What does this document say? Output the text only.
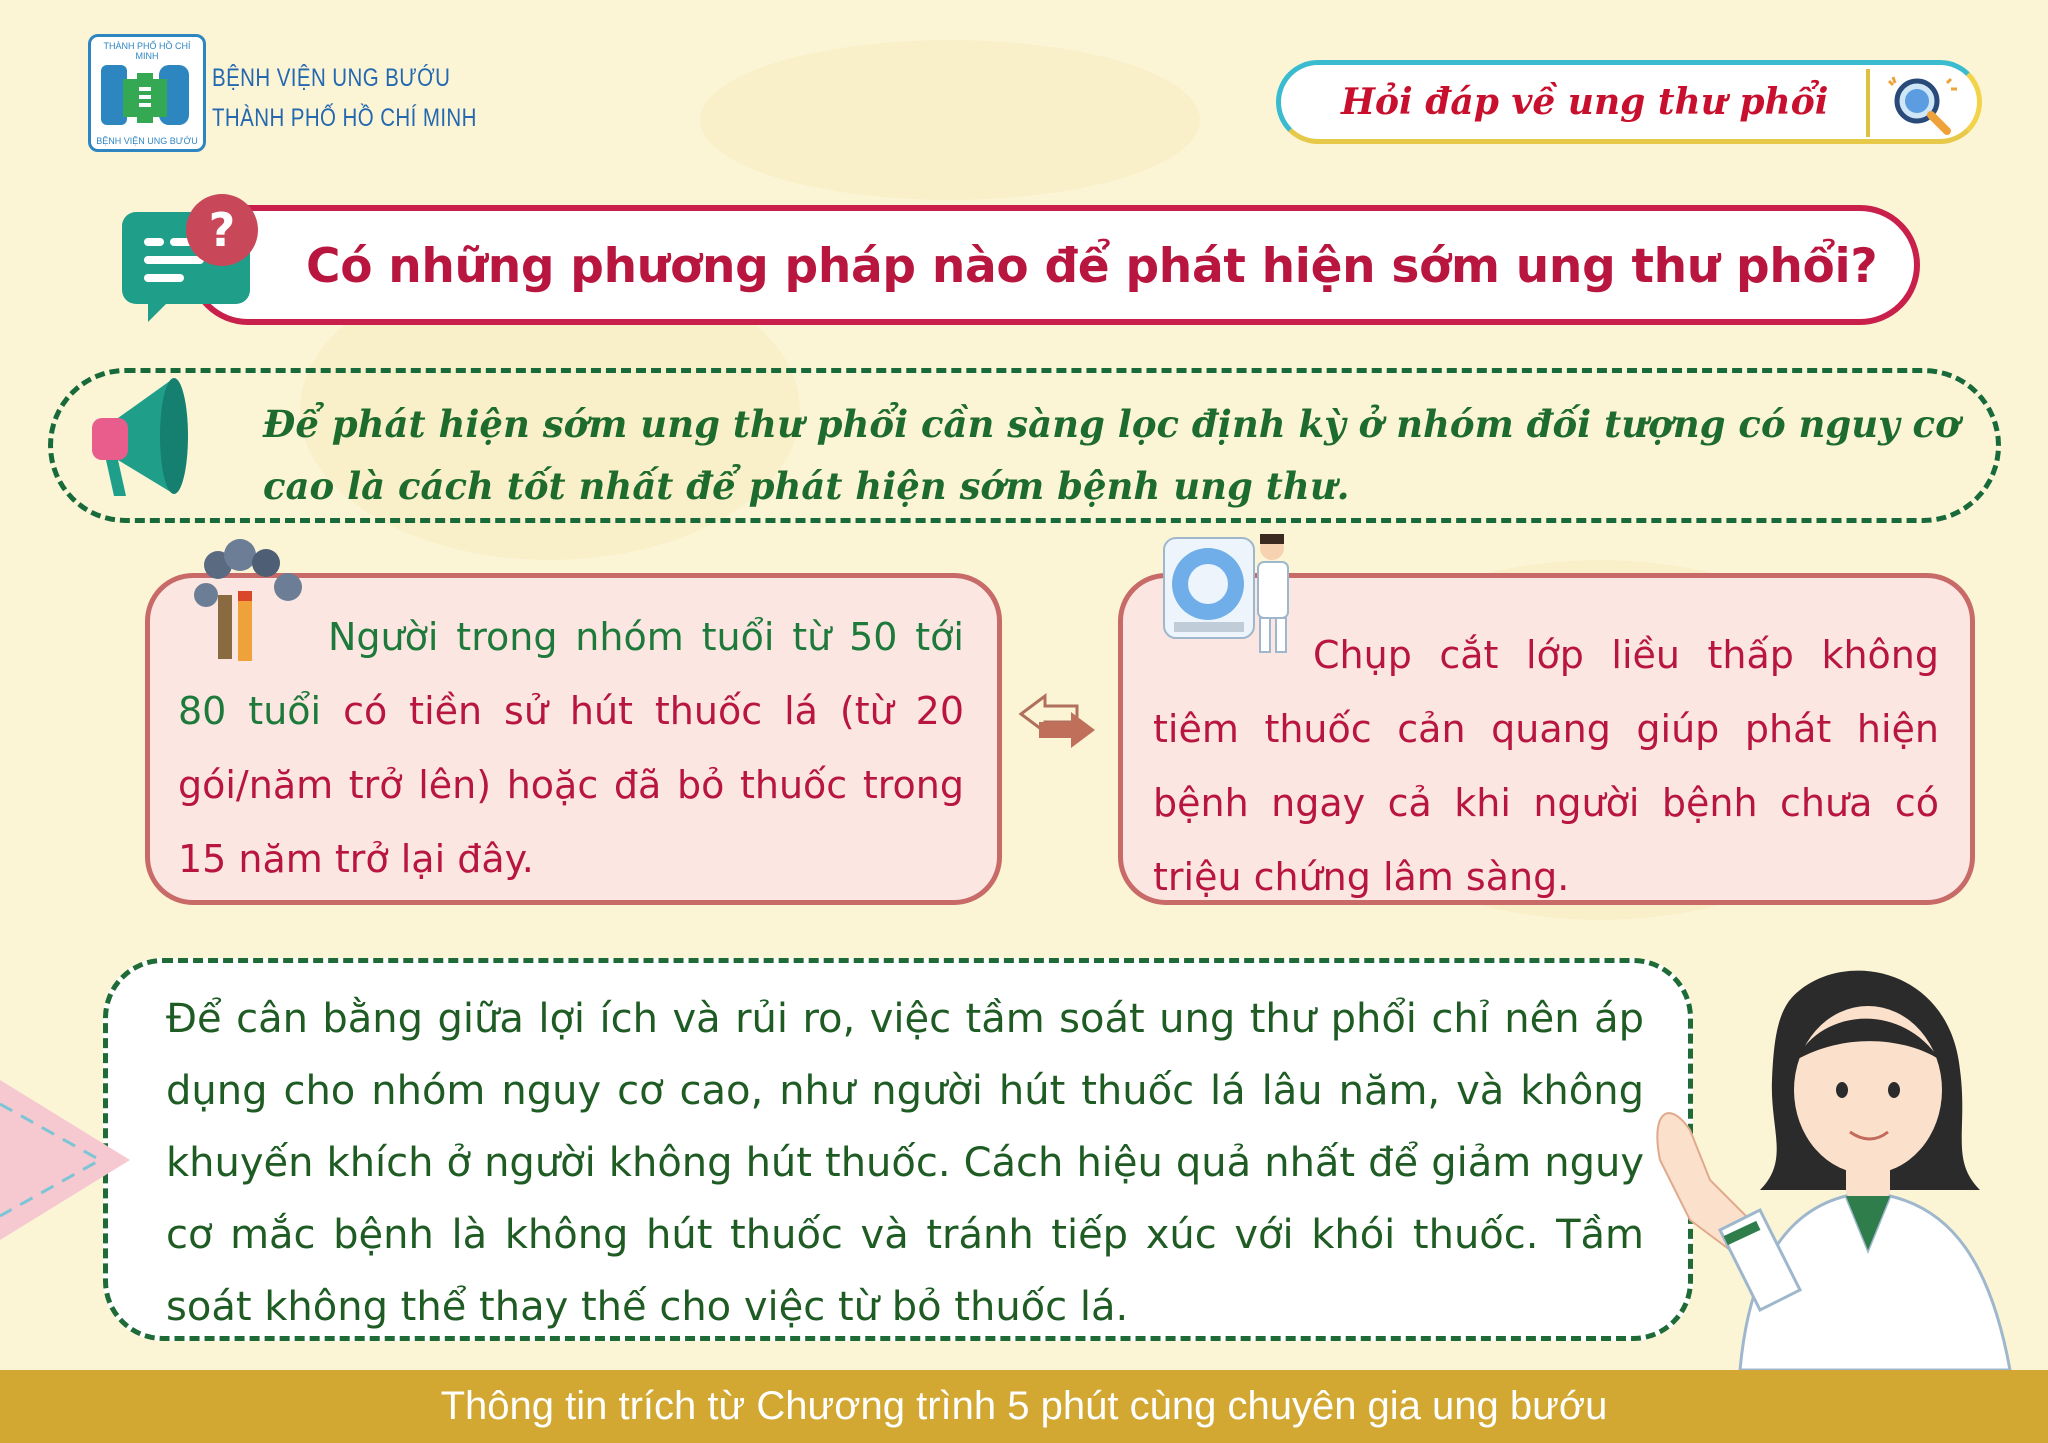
THÀNH PHỐ HỒ CHÍ MINH
BỆNH VIỆN UNG BƯỚU
BỆNH VIỆN UNG BƯỚU
THÀNH PHỐ HỒ CHÍ MINH	Hỏi đáp về ung thư phổi
Có những phương pháp nào để phát hiện sớm ung thư phổi?
?
Để phát hiện sớm ung thư phổi cần sàng lọc định kỳ ở nhóm đối tượng có nguy cơ cao là cách tốt nhất để phát hiện sớm bệnh ung thư.
Người trong nhóm tuổi từ 50 tới 80 tuổi có tiền sử hút thuốc lá (từ 20 gói/năm trở lên) hoặc đã bỏ thuốc trong 15 năm trở lại đây.
Chụp cắt lớp liều thấp không tiêm thuốc cản quang giúp phát hiện bệnh ngay cả khi người bệnh chưa có triệu chứng lâm sàng.
Để cân bằng giữa lợi ích và rủi ro, việc tầm soát ung thư phổi chỉ nên áp dụng cho nhóm nguy cơ cao, như người hút thuốc lá lâu năm, và không khuyến khích ở người không hút thuốc. Cách hiệu quả nhất để giảm nguy cơ mắc bệnh là không hút thuốc và tránh tiếp xúc với khói thuốc. Tầm soát không thể thay thế cho việc từ bỏ thuốc lá.
Thông tin trích từ Chương trình 5 phút cùng chuyên gia ung bướu
